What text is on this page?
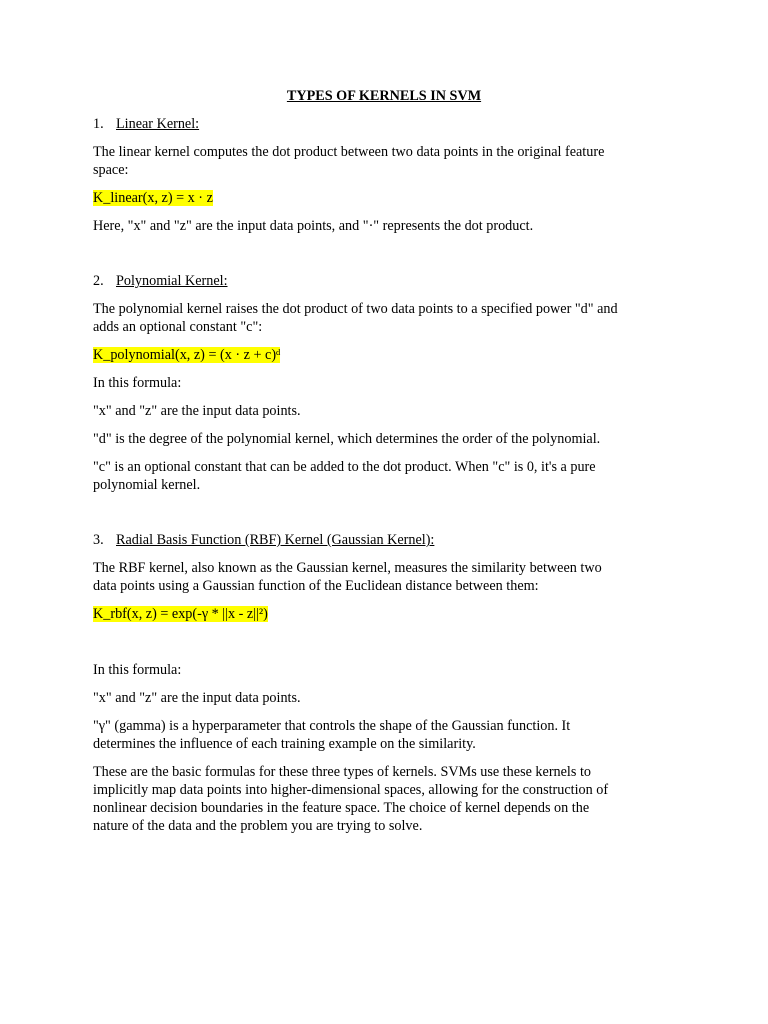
TYPES OF KERNELS IN SVM
1. Linear Kernel:
The linear kernel computes the dot product between two data points in the original feature
space:
K_linear(x, z) = x · z
Here, "x" and "z" are the input data points, and "·" represents the dot product.
2. Polynomial Kernel:
The polynomial kernel raises the dot product of two data points to a specified power "d" and
adds an optional constant "c":
K_polynomial(x, z) = (x · z + c)ᵈ
In this formula:
"x" and "z" are the input data points.
"d" is the degree of the polynomial kernel, which determines the order of the polynomial.
"c" is an optional constant that can be added to the dot product. When "c" is 0, it's a pure
polynomial kernel.
3. Radial Basis Function (RBF) Kernel (Gaussian Kernel):
The RBF kernel, also known as the Gaussian kernel, measures the similarity between two
data points using a Gaussian function of the Euclidean distance between them:
K_rbf(x, z) = exp(-γ * ||x - z||²)
In this formula:
"x" and "z" are the input data points.
"γ" (gamma) is a hyperparameter that controls the shape of the Gaussian function. It
determines the influence of each training example on the similarity.
These are the basic formulas for these three types of kernels. SVMs use these kernels to
implicitly map data points into higher-dimensional spaces, allowing for the construction of
nonlinear decision boundaries in the feature space. The choice of kernel depends on the
nature of the data and the problem you are trying to solve.
